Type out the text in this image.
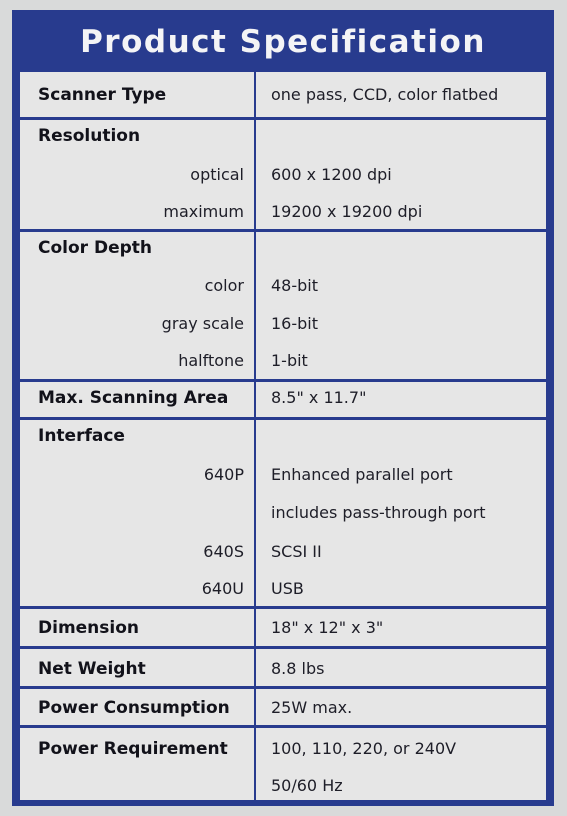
Product Specification
Scanner Type	one pass, CCD, color flatbed
Resolution
optical 600 x 1200 dpi
maximum 19200 x 19200 dpi
Color Depth
color 48-bit
gray scale 16-bit
halftone 1-bit
Max. Scanning Area	8.5" x 11.7"
Interface
640P Enhanced parallel port
includes pass-through port
640S SCSI II
640U USB
Dimension	18" x 12" x 3"
Net Weight	8.8 lbs
Power Consumption	25W max.
Power Requirement	100, 110, 220, or 240V
50/60 Hz
